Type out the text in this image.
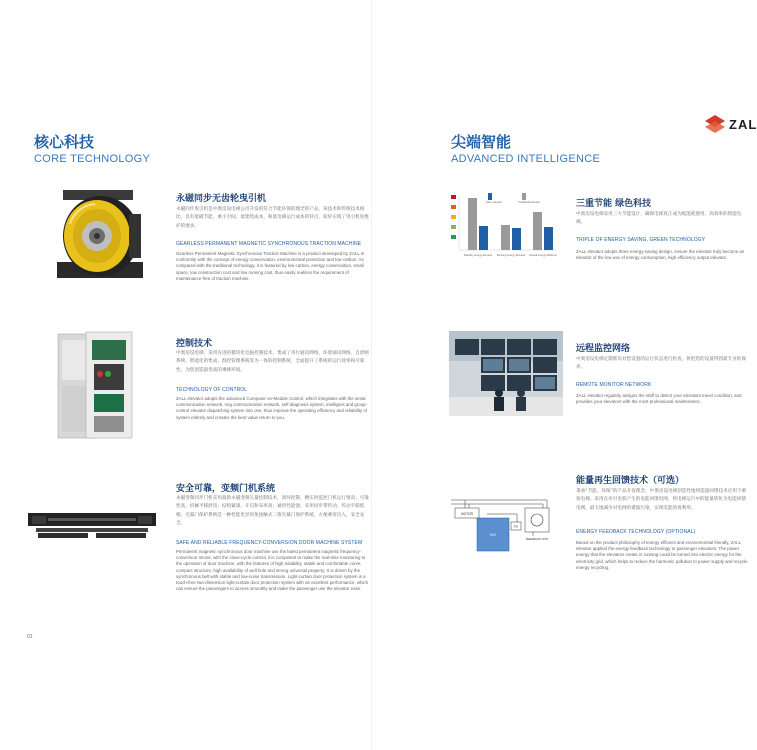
核心科技
CORE TECHNOLOGY
永磁同步无齿轮曳引机
永磁同步曳引机是中奥房设电梯公司开发的符合节能环保的理念的产品，该技术和传统技术相比，具有低碳节能、重小空间、低建筑成本、和低电梯运行成本的特点，较好实现了曳引机免维护的要求。
GEARLESS PERMANENT MAGNETIC SYNCHRONOUS TRACTION MACHINE
Gearless Permanent Magnetic Synchronous Traction Machine is a product developed by ZALL in conformity with the concept of energy conservation, environmental protection and low carbon; As compared with the traditional technology, it is featured by low carbon, energy conservation, small space, low construction cost and low running cost, thus easily realizes the requirement of maintenance-free of traction machine.
控制技术
中奥房设电梯，采用先进的模块化电脑控制技术，集成了串行通讯网络、环境通讯网络、自诊断系统、智能化的集成，群控管理系统等为一体的控制系统，全面提升了系统的运行效率和可靠性，为您创造最优质的乘梯环境。
TECHNOLOGY OF CONTROL
ZALL elevator adopts the advanced Computer-on-Module Control, which integrates with the serial communication network, ring communication network, self-diagnosis system, intelligent and group-control elevator dispatching system into one, thus improve the operating efficiency and reliability of system entirely and creates the best value return to you.
安全可靠，变频门机系统
永磁变频同步门机采用最新永磁变频矢量控制技术，闭环控制，精实时监控门机运行情况；可靠性高，机械平移舒适；结构紧凑，开启和布率高；通用性能强；采用同步带传动，传动平稳低噪，光幕门保护系统是一种性能优异的免接触式二维光幕门保护系统，方便乘客出入，安全安全。
SAFE AND RELIABLE FREQUENCY-CONVERSION DOOR MACHINE SYSTEM
Permanent magnetic synchronous door machine use the latest permanent magnetic frequency-conversion Vector, with the close-cycle control, it is competent to make the real-time monitoring to the operation of door machine, with the features of high reliability, stable and comfortable curve, compact structure, high availability of well hole and strong universal property; It is driven by the synchronous belt with stable and low-noise transmission. Light-curtain door protection system is a touch-free two-dimension light-curtain door protection system with an excellent performance, which can ensure the passengers to access smoothly and make the passenger use the elevator ease.
01
ZAL
尖端智能
ADVANCED INTELLIGENCE
ZALL elevator	Traditional elevator
Standby energy demand Running energy demand Overall energy efficiency
三重节能 绿色科技
中奥房设电梯采用三大节能设计，确保电梯真正成为低能耗使用、高效率的智能电梯。
TRIPLE OF ENERGY SAVING, GREEN TECHNOLOGY
ZALL elevator adopts three energy-saving design, ensure the elevator truly become an elevator of the low use of energy consumption, high efficiency output elevator.
远程监控网络
中奥房设电梯定期派员对您设置的运行状态进行检查，将把您的设备得到最专业的保养。
REMOTE MONITOR NETWORK
ZALL elevator regularly assigns the staff to detect your elevators travel condition, and provides your elevators with the most professional maintenance.
MOTOR
INV
PG
FEEDBACK UNIT
能量再生回馈技术（可选）
秉承“节能、环保”的产品开发理念，中奥房设电梯创造性地将能量回馈技术应用于乘客电梯。采用在牵引电机产生的电能回馈电网，将电梯运行中的能量转化为电能回馈电网，最大地减少对电网的谐波污染，实现电能的再利用。
ENERGY FEEDBACK TECHNOLOGY (OPTIONAL)
Based on the product philosophy of energy efficient and environmental friendly, ZALL elevator applied the energy feedback technology to passenger elevators. The power energy that the elevators create in running could be turned into electric energy for the electricity grid, which helps to reduce the harmonic pollution to power supply and recycle energy recycling.
